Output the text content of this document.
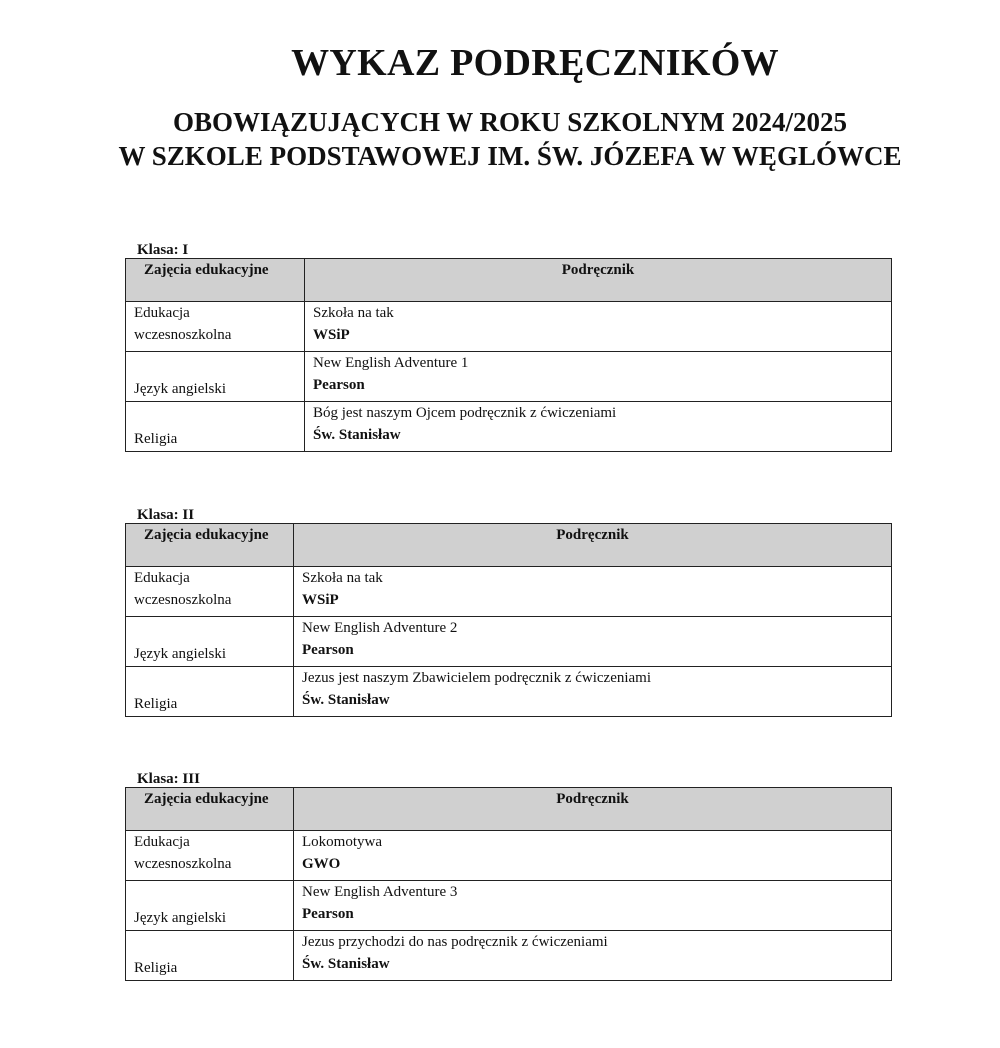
WYKAZ PODRĘCZNIKÓW
OBOWIĄZUJĄCYCH W ROKU SZKOLNYM 2024/2025
W SZKOLE PODSTAWOWEJ IM. ŚW. JÓZEFA W WĘGLÓWCE
Klasa: I
Zajęcia edukacyjne	Podręcznik

Edukacja
wczesnoszkolna	Szkoła na tak
WSiP

Język angielski	New English Adventure 1
Pearson

Religia	Bóg jest naszym Ojcem podręcznik z ćwiczeniami
Św. Stanisław
Klasa: II
Zajęcia edukacyjne	Podręcznik

Edukacja
wczesnoszkolna	Szkoła na tak
WSiP

Język angielski	New English Adventure 2
Pearson

Religia	Jezus jest naszym Zbawicielem podręcznik z ćwiczeniami
Św. Stanisław
Klasa: III
Zajęcia edukacyjne	Podręcznik

Edukacja
wczesnoszkolna	Lokomotywa
GWO

Język angielski	New English Adventure 3
Pearson

Religia	Jezus przychodzi do nas podręcznik z ćwiczeniami
Św. Stanisław
